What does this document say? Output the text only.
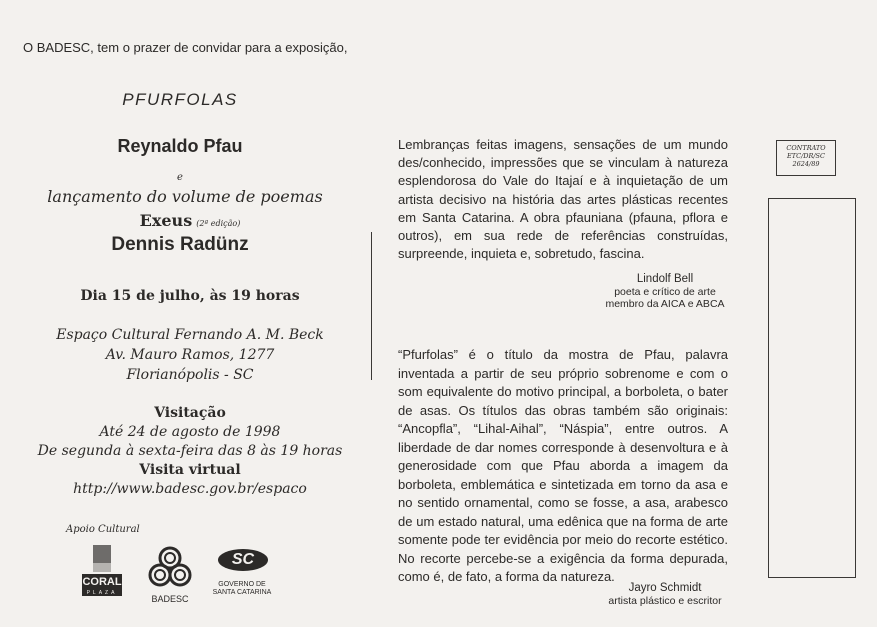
O BADESC, tem o prazer de convidar para a exposição,
PFURFOLAS
Reynaldo Pfau
e
lançamento do volume de poemas
Exeus (2ª edição)
Dennis Radünz
Dia 15 de julho, às 19 horas
Espaço Cultural Fernando A. M. Beck
Av. Mauro Ramos, 1277
Florianópolis - SC
Visitação
Até 24 de agosto de 1998
De segunda à sexta-feira das 8 às 19 horas
Visita virtual
http://www.badesc.gov.br/espaco
Apoio Cultural
CORAL
PLAZA
BADESC
SC
GOVERNO DE
SANTA CATARINA
Lembranças feitas imagens, sensações de um mundo des/conhecido, impressões que se vinculam à natureza esplendorosa do Vale do Itajaí e à inquietação de um artista decisivo na história das artes plásticas recentes em Santa Catarina. A obra pfauniana (pfauna, pflora e outros), em sua rede de referências construídas, surpreende, inquieta e, sobretudo, fascina.
Lindolf Bell
poeta e crítico de arte
membro da AICA e ABCA
“Pfurfolas” é o título da mostra de Pfau, palavra inventada a partir de seu próprio sobrenome e com o som equivalente do motivo principal, a borboleta, o bater de asas. Os títulos das obras também são originais: “Ancopfla”, “Lihal-Aihal”, “Náspia”, entre outros. A liberdade de dar nomes corresponde à desenvoltura e à generosidade com que Pfau aborda a imagem da borboleta, emblemática e sintetizada em torno da asa e no sentido ornamental, como se fosse, a asa, arabesco de um estado natural, uma edênica que na forma de arte somente pode ter evidência por meio do recorte estético. No recorte percebe-se a exigência da forma depurada, como é, de fato, a forma da natureza.
Jayro Schmidt
artista plástico e escritor
CONTRATO
ETC/DR/SC
2624/89
